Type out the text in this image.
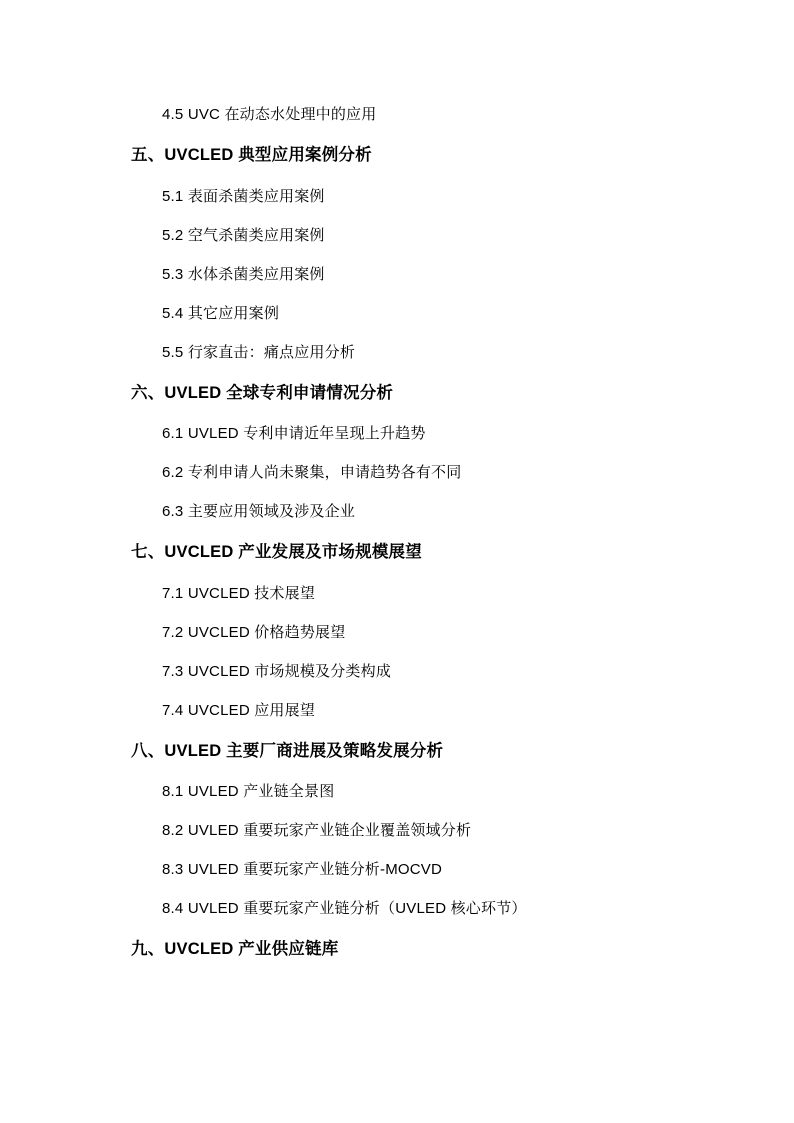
4.5 UVC 在动态水处理中的应用
五、UVCLED 典型应用案例分析
5.1 表面杀菌类应用案例
5.2 空气杀菌类应用案例
5.3 水体杀菌类应用案例
5.4 其它应用案例
5.5 行家直击：痛点应用分析
六、UVLED 全球专利申请情况分析
6.1 UVLED 专利申请近年呈现上升趋势
6.2 专利申请人尚未聚集，申请趋势各有不同
6.3 主要应用领域及涉及企业
七、UVCLED 产业发展及市场规模展望
7.1 UVCLED 技术展望
7.2 UVCLED 价格趋势展望
7.3 UVCLED 市场规模及分类构成
7.4 UVCLED 应用展望
八、UVLED 主要厂商进展及策略发展分析
8.1 UVLED 产业链全景图
8.2 UVLED 重要玩家产业链企业覆盖领域分析
8.3 UVLED 重要玩家产业链分析-MOCVD
8.4 UVLED 重要玩家产业链分析（UVLED 核心环节）
九、UVCLED 产业供应链库
